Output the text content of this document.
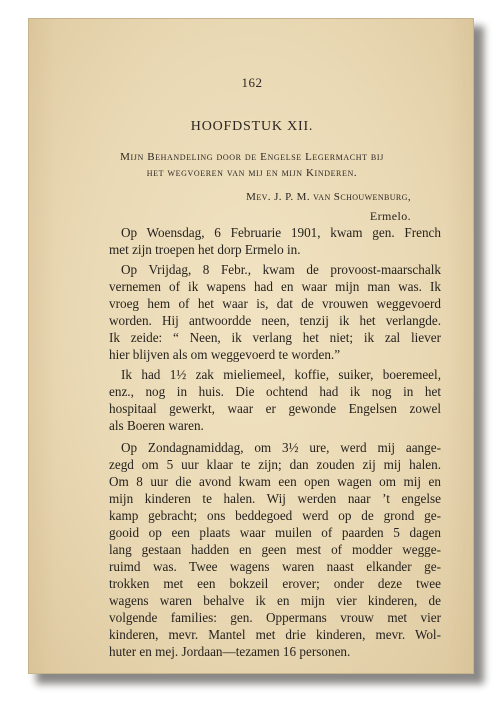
162
HOOFDSTUK XII.
Mijn Behandeling door de Engelse Legermacht bij
het wegvoeren van mij en mijn Kinderen.
Mev. J. P. M. van Schouwenburg,
Ermelo.
Op Woensdag, 6 Februarie 1901, kwam gen. French
met zijn troepen het dorp Ermelo in.
Op Vrijdag, 8 Febr., kwam de provoost-maarschalk
vernemen of ik wapens had en waar mijn man was. Ik
vroeg hem of het waar is, dat de vrouwen weggevoerd
worden. Hij antwoordde neen, tenzij ik het verlangde.
Ik zeide: “ Neen, ik verlang het niet; ik zal liever
hier blijven als om weggevoerd te worden.”
Ik had 1½ zak mieliemeel, koffie, suiker, boeremeel,
enz., nog in huis. Die ochtend had ik nog in het
hospitaal gewerkt, waar er gewonde Engelsen zowel
als Boeren waren.
Op Zondagnamiddag, om 3½ ure, werd mij aange-
zegd om 5 uur klaar te zijn; dan zouden zij mij halen.
Om 8 uur die avond kwam een open wagen om mij en
mijn kinderen te halen. Wij werden naar ’t engelse
kamp gebracht; ons beddegoed werd op de grond ge-
gooid op een plaats waar muilen of paarden 5 dagen
lang gestaan hadden en geen mest of modder wegge-
ruimd was. Twee wagens waren naast elkander ge-
trokken met een bokzeil erover; onder deze twee
wagens waren behalve ik en mijn vier kinderen, de
volgende families: gen. Oppermans vrouw met vier
kinderen, mevr. Mantel met drie kinderen, mevr. Wol-
huter en mej. Jordaan—tezamen 16 personen.
